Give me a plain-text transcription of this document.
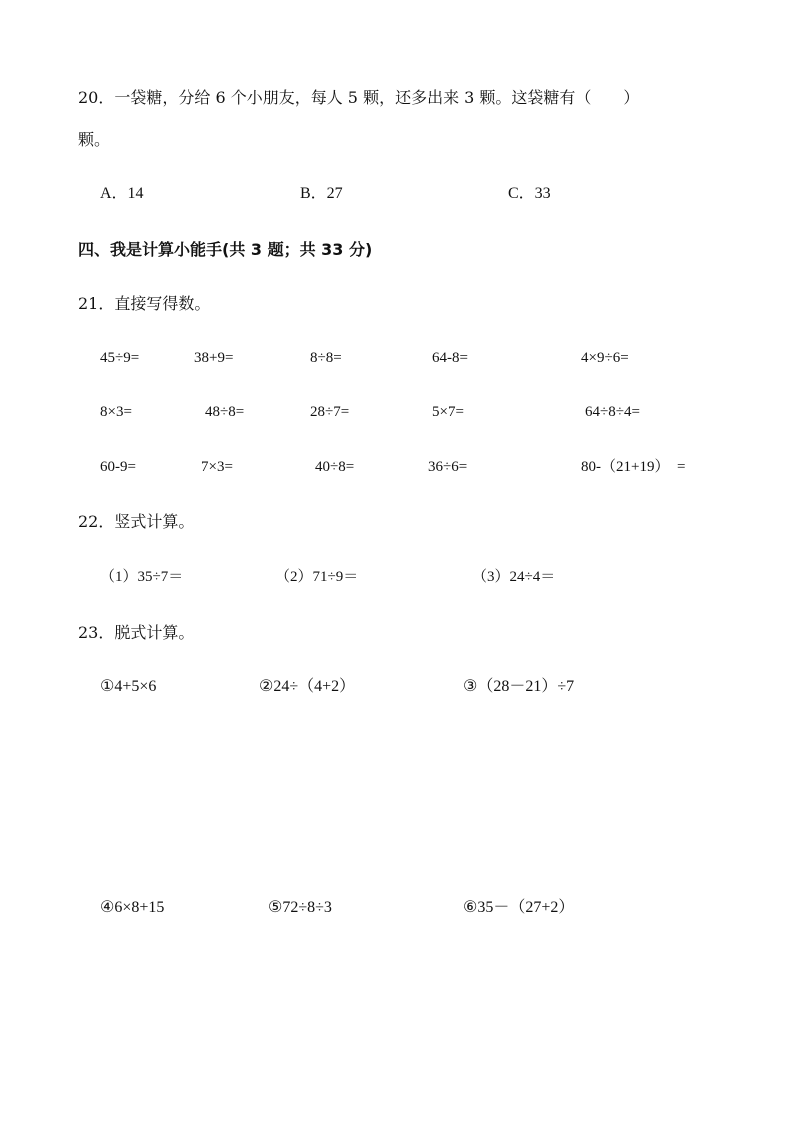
20．一袋糖，分给 6 个小朋友，每人 5 颗，还多出来 3 颗。这袋糖有（　　）
颗。
A．14	B．27	C．33
四、我是计算小能手(共 3 题；共 33 分)
21．直接写得数。
45÷9=	38+9=	8÷8=	64-8=	4×9÷6=
8×3=	48÷8=	28÷7=	5×7=	64÷8÷4=
60-9=	7×3=	40÷8=	36÷6=	80-（21+19）　=
22．竖式计算。
（1）35÷7＝	（2）71÷9＝	（3）24÷4＝
23．脱式计算。
①4+5×6	②24÷（4+2）	③（28－21）÷7
④6×8+15	⑤72÷8÷3	⑥35－（27+2）
